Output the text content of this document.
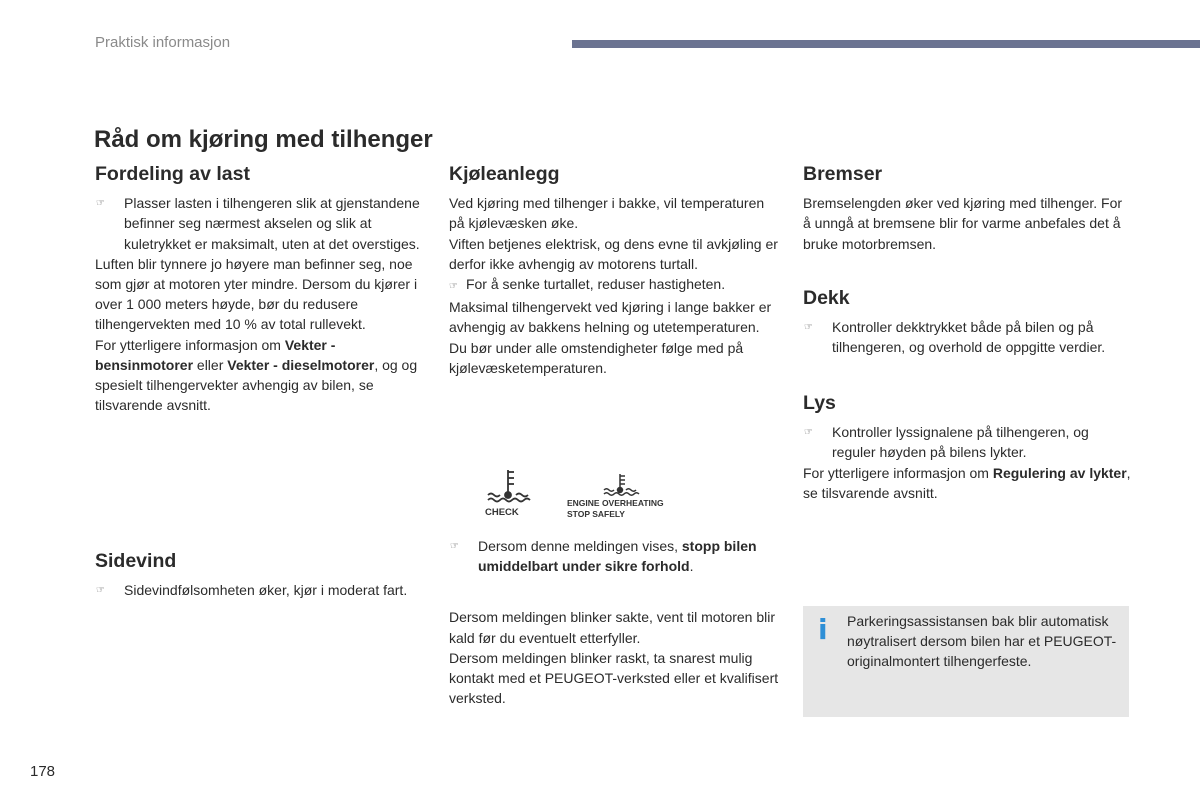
Praktisk informasjon
Råd om kjøring med tilhenger
Fordeling av last

☞ Plasser lasten i tilhengeren slik at gjenstandene befinner seg nærmest akselen og slik at kuletrykket er maksimalt, uten at det overstiges.

Luften blir tynnere jo høyere man befinner seg, noe som gjør at motoren yter mindre. Dersom du kjører i over 1 000 meters høyde, bør du redusere tilhengervekten med 10 % av total rullevekt.

For ytterligere informasjon om Vekter - bensinmotorer eller Vekter - dieselmotorer, og og spesielt tilhengervekter avhengig av bilen, se tilsvarende avsnitt.

Sidevind

☞ Sidevindfølsomheten øker, kjør i moderat fart.

Kjøleanlegg

Ved kjøring med tilhenger i bakke, vil temperaturen på kjølevæsken øke.

Viften betjenes elektrisk, og dens evne til avkjøling er derfor ikke avhengig av motorens turtall.

☞ For å senke turtallet, reduser hastigheten.

Maksimal tilhengervekt ved kjøring i lange bakker er avhengig av bakkens helning og utetemperaturen.

Du bør under alle omstendigheter følge med på kjølevæsketemperaturen.

CHECK
ENGINE OVERHEATING
STOP SAFELY

☞ Dersom denne meldingen vises, stopp bilen umiddelbart under sikre forhold.

Dersom meldingen blinker sakte, vent til motoren blir kald før du eventuelt etterfyller.

Dersom meldingen blinker raskt, ta snarest mulig kontakt med et PEUGEOT-verksted eller et kvalifisert verksted.

Bremser

Bremselengden øker ved kjøring med tilhenger. For å unngå at bremsene blir for varme anbefales det å bruke motorbremsen.

Dekk

☞ Kontroller dekktrykket både på bilen og på tilhengeren, og overhold de oppgitte verdier.

Lys

☞ Kontroller lyssignalene på tilhengeren, og reguler høyden på bilens lykter.

For ytterligere informasjon om Regulering av lykter, se tilsvarende avsnitt.

i	Parkeringsassistansen bak blir automatisk nøytralisert dersom bilen har et PEUGEOT-originalmontert tilhengerfeste.
178
